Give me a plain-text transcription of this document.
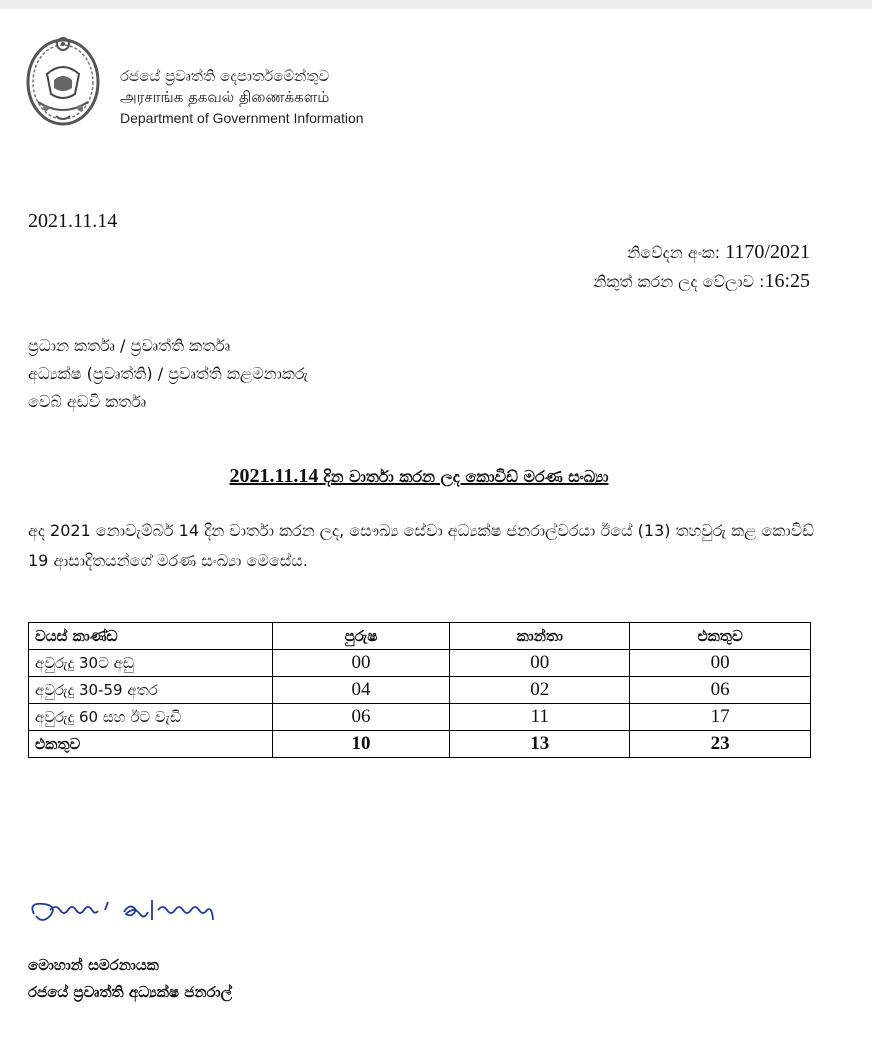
රජයේ ප්‍රවෘත්ති දෙපාර්තමේන්තුව
அரசாங்க தகவல் திணைக்களம்
Department of Government Information
2021.11.14
නිවේදන අංක: 1170/2021
නිකුත් කරන ලද වේලාව :16:25
ප්‍රධාන කර්තෘ / ප්‍රවෘත්ති කර්තෘ
අධ්‍යක්ෂ (ප්‍රවෘත්ති) / ප්‍රවෘත්ති කළමනාකරු
වෙබ් අඩවි කර්තෘ
2021.11.14 දින වාර්තා කරන ලද කොවිඩ් මරණ සංඛ්‍යා
අද 2021 නොවැම්බර් 14 දින වාර්තා කරන ලද, සෞඛ්‍ය සේවා අධ්‍යක්ෂ ජනරාල්වරයා ඊයේ (13) තහවුරු කළ කොවිඩ් 19 ආසාදිතයන්ගේ මරණ සංඛ්‍යා මෙසේය.
වයස් කාණ්ඩ	පුරුෂ	කාන්තා	එකතුව
අවුරුදු 30ට අඩු	00	00	00
අවුරුදු 30-59 අතර	04	02	06
අවුරුදු 60 සහ ඊට වැඩි	06	11	17
එකතුව	10	13	23
මොහාන් සමරනායක
රජයේ ප්‍රවෘත්ති අධ්‍යක්ෂ ජනරාල්
